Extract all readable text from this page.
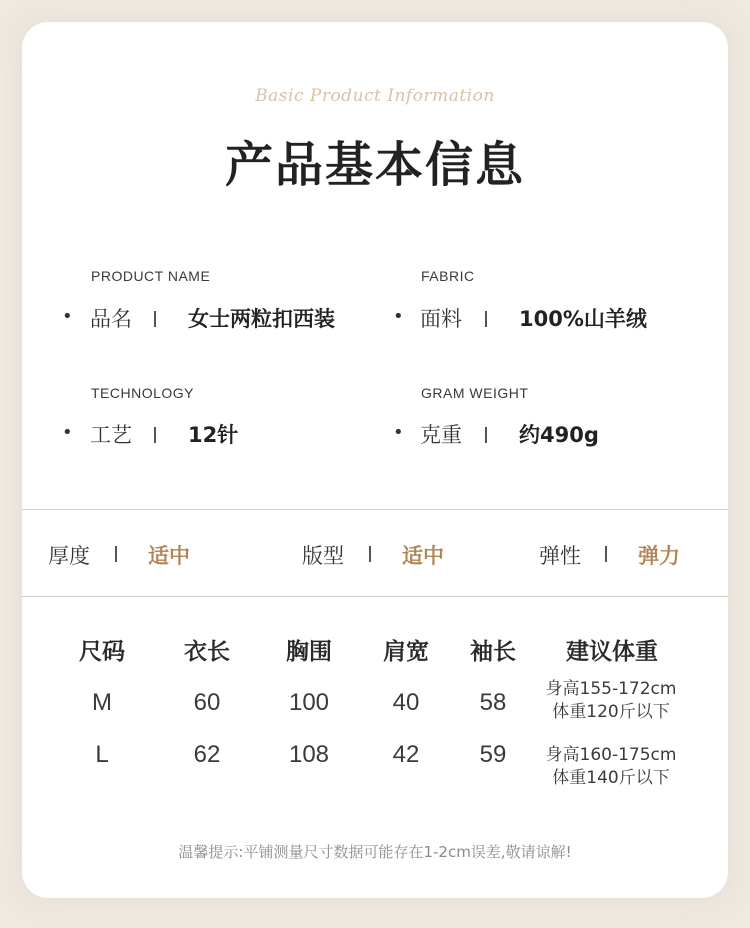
Basic Product Information
产品基本信息
PRODUCT NAME
• 品名	女士两粒扣西装
FABRIC
• 面料	100%山羊绒
TECHNOLOGY
• 工艺	12针
GRAM WEIGHT
• 克重	约490g
厚度	适中	版型	适中	弹性	弹力
尺码	衣长 胸围 肩宽 袖长 建议体重
M	60	100	40	58 身高155-172cm
体重120斤以下
L	62	108	42	59 身高160-175cm
体重140斤以下
温馨提示:平铺测量尺寸数据可能存在1-2cm误差,敬请谅解!
